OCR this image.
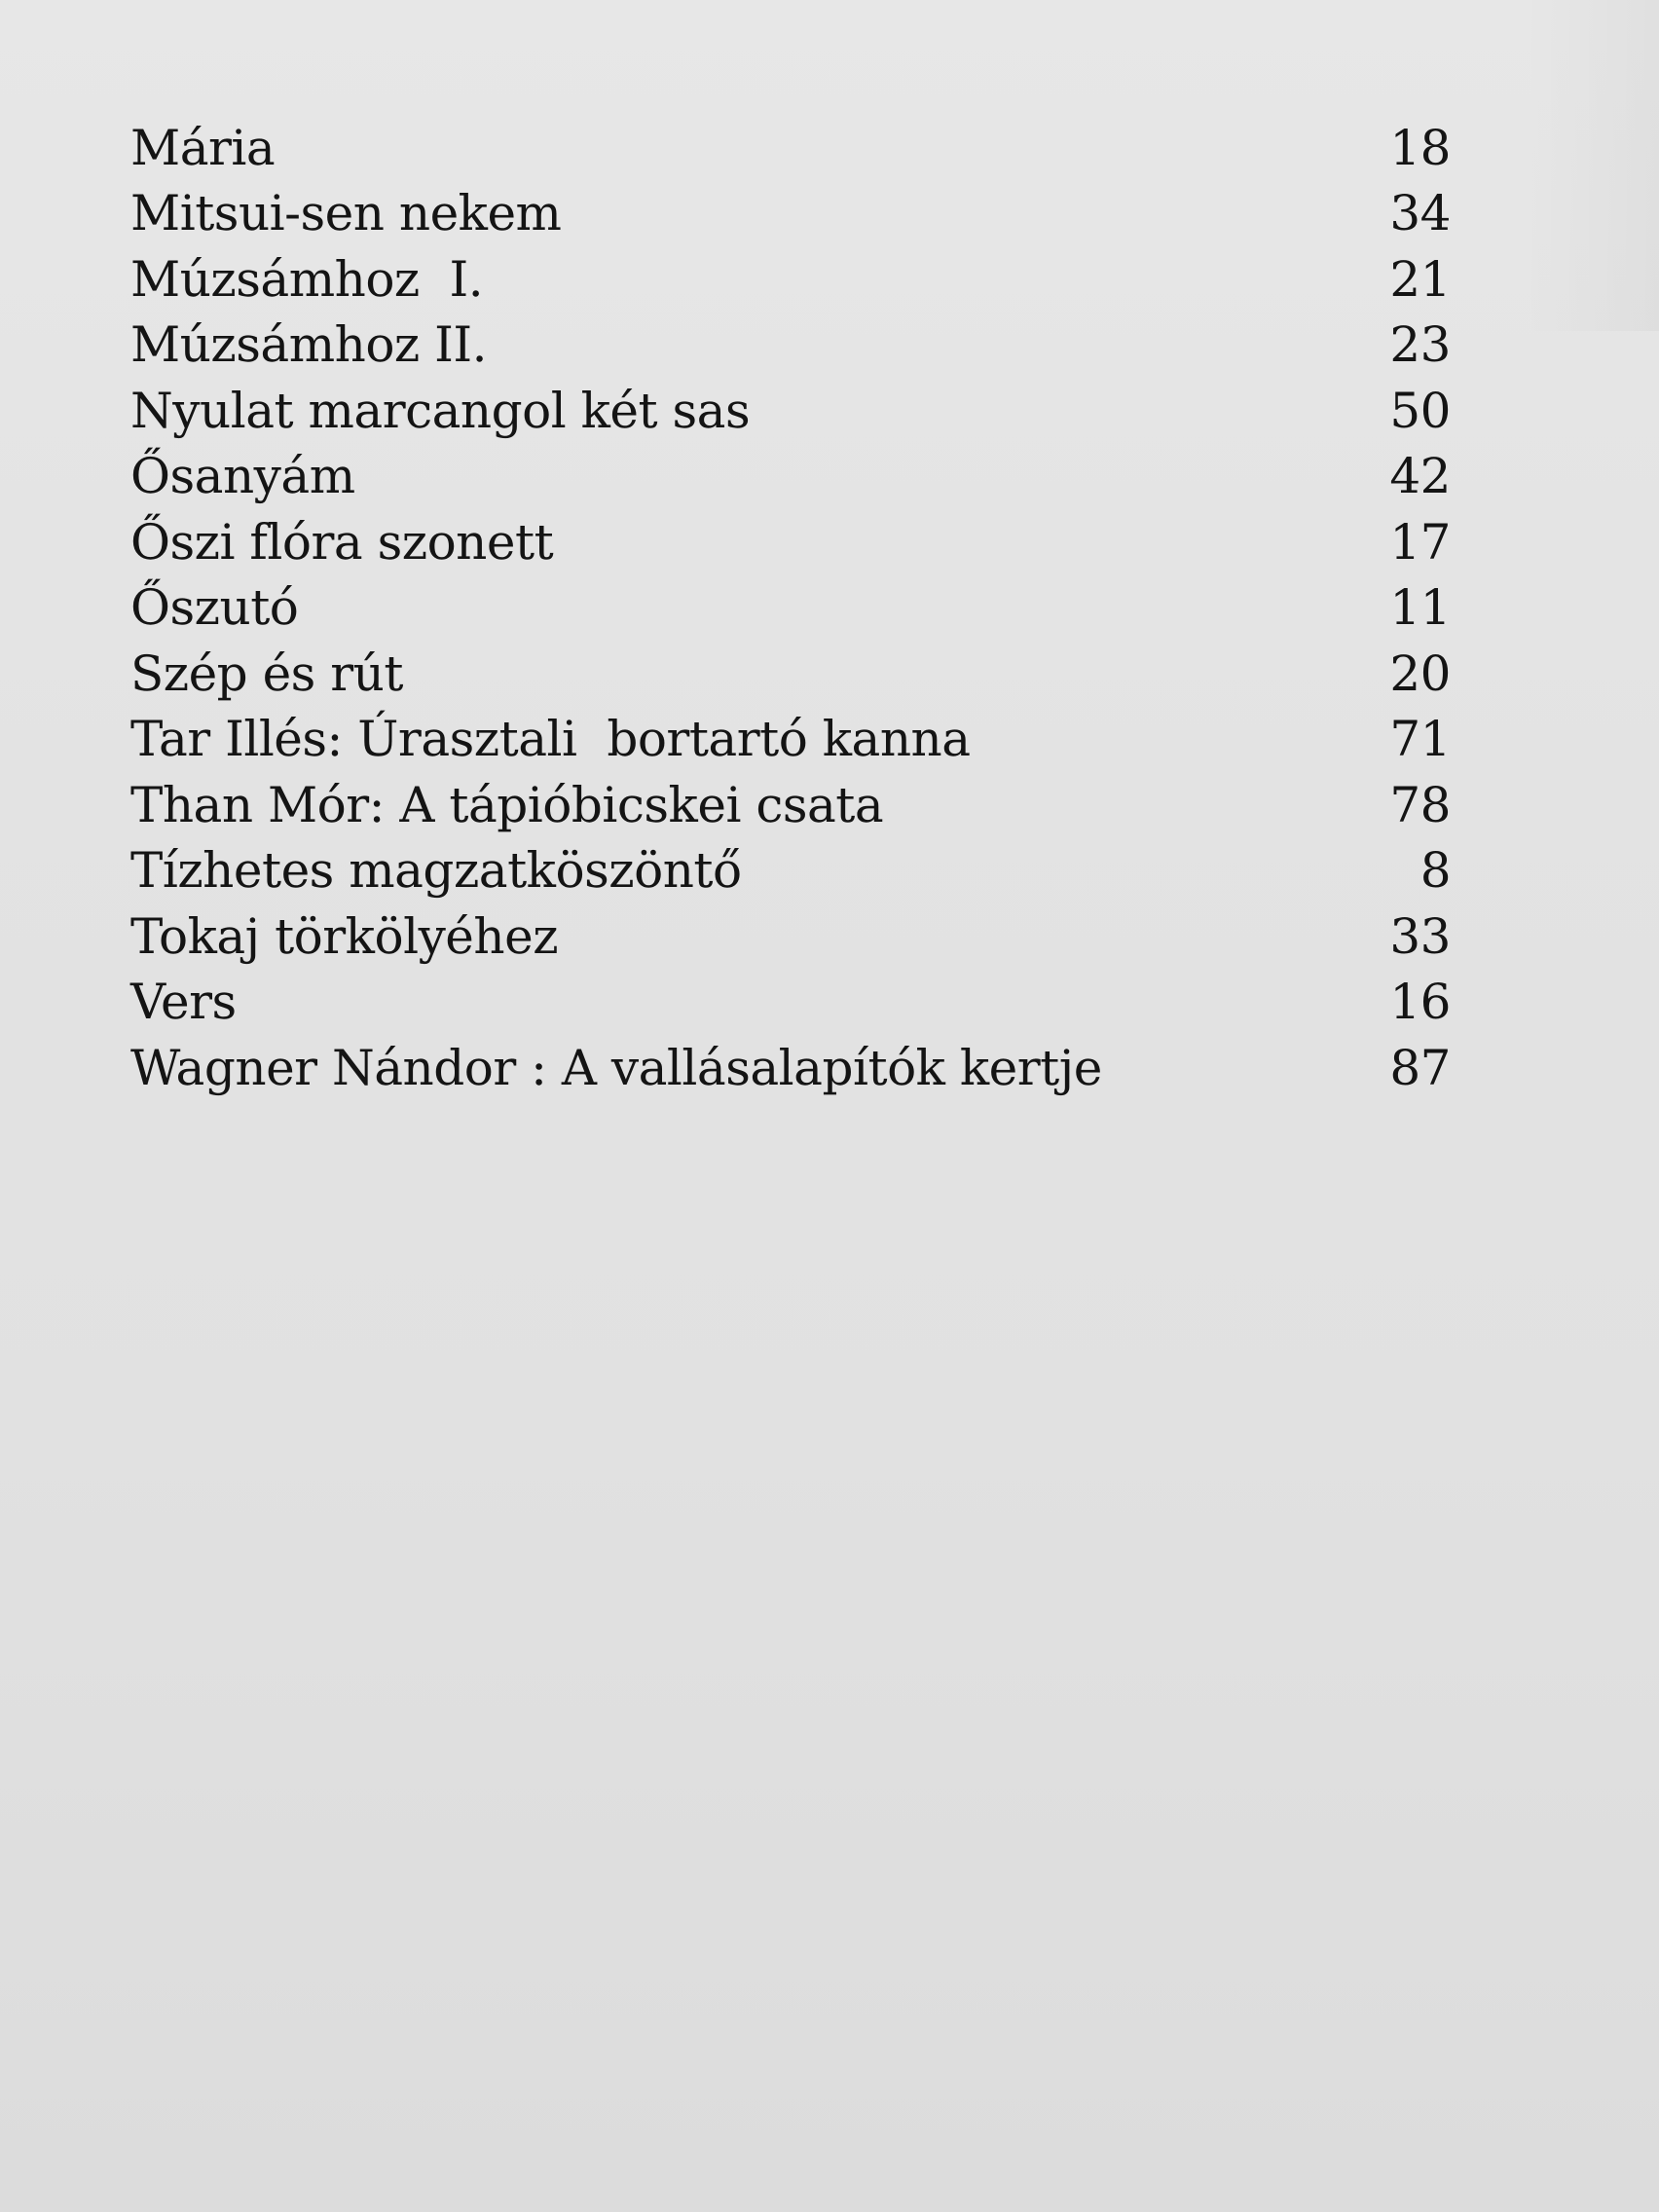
Mária	18
Mitsui-sen nekem	34
Múzsámhoz  I.	21
Múzsámhoz II.	23
Nyulat marcangol két sas	50
Ősanyám	42
Őszi flóra szonett	17
Őszutó	11
Szép és rút	20
Tar Illés: Úrasztali  bortartó kanna	71
Than Mór: A tápióbicskei csata	78
Tízhetes magzatköszöntő	8
Tokaj törkölyéhez	33
Vers	16
Wagner Nándor : A vallásalapítók kertje	87
